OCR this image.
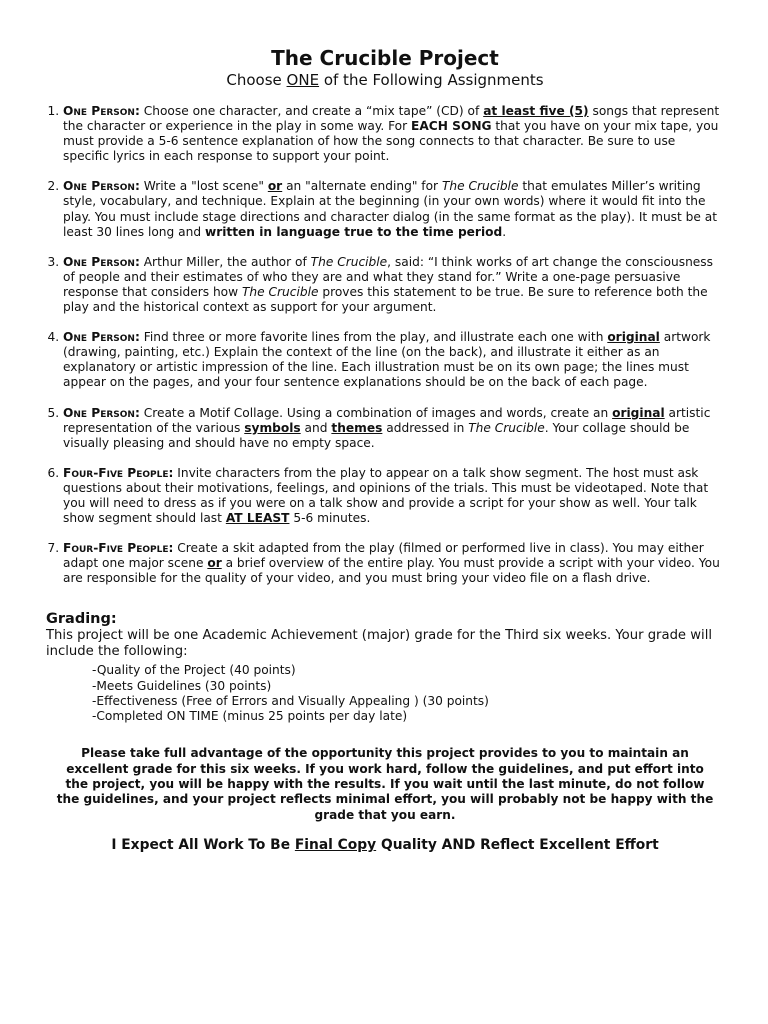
The Crucible Project

Choose ONE of the Following Assignments

1. One Person: Choose one character, and create a “mix tape” (CD) of at least five (5) songs that represent the character or experience in the play in some way. For EACH SONG that you have on your mix tape, you must provide a 5-6 sentence explanation of how the song connects to that character. Be sure to use specific lyrics in each response to support your point.
2. One Person: Write a "lost scene" or an "alternate ending" for The Crucible that emulates Miller’s writing style, vocabulary, and technique. Explain at the beginning (in your own words) where it would fit into the play. You must include stage directions and character dialog (in the same format as the play). It must be at least 30 lines long and written in language true to the time period.
3. One Person: Arthur Miller, the author of The Crucible, said: “I think works of art change the consciousness of people and their estimates of who they are and what they stand for.” Write a one-page persuasive response that considers how The Crucible proves this statement to be true. Be sure to reference both the play and the historical context as support for your argument.
4. One Person: Find three or more favorite lines from the play, and illustrate each one with original artwork (drawing, painting, etc.) Explain the context of the line (on the back), and illustrate it either as an explanatory or artistic impression of the line. Each illustration must be on its own page; the lines must appear on the pages, and your four sentence explanations should be on the back of each page.
5. One Person: Create a Motif Collage. Using a combination of images and words, create an original artistic representation of the various symbols and themes addressed in The Crucible. Your collage should be visually pleasing and should have no empty space.
6. Four-Five People: Invite characters from the play to appear on a talk show segment. The host must ask questions about their motivations, feelings, and opinions of the trials. This must be videotaped. Note that you will need to dress as if you were on a talk show and provide a script for your show as well. Your talk show segment should last AT LEAST 5-6 minutes.
7. Four-Five People: Create a skit adapted from the play (filmed or performed live in class). You may either adapt one major scene or a brief overview of the entire play. You must provide a script with your video. You are responsible for the quality of your video, and you must bring your video file on a flash drive.
Grading:

This project will be one Academic Achievement (major) grade for the Third six weeks. Your grade will include the following:

-Quality of the Project (40 points)
-Meets Guidelines (30 points)
-Effectiveness (Free of Errors and Visually Appealing ) (30 points)
-Completed ON TIME (minus 25 points per day late)

Please take full advantage of the opportunity this project provides to you to maintain an excellent grade for this six weeks. If you work hard, follow the guidelines, and put effort into the project, you will be happy with the results. If you wait until the last minute, do not follow the guidelines, and your project reflects minimal effort, you will probably not be happy with the grade that you earn.

I Expect All Work To Be Final Copy Quality AND Reflect Excellent Effort
